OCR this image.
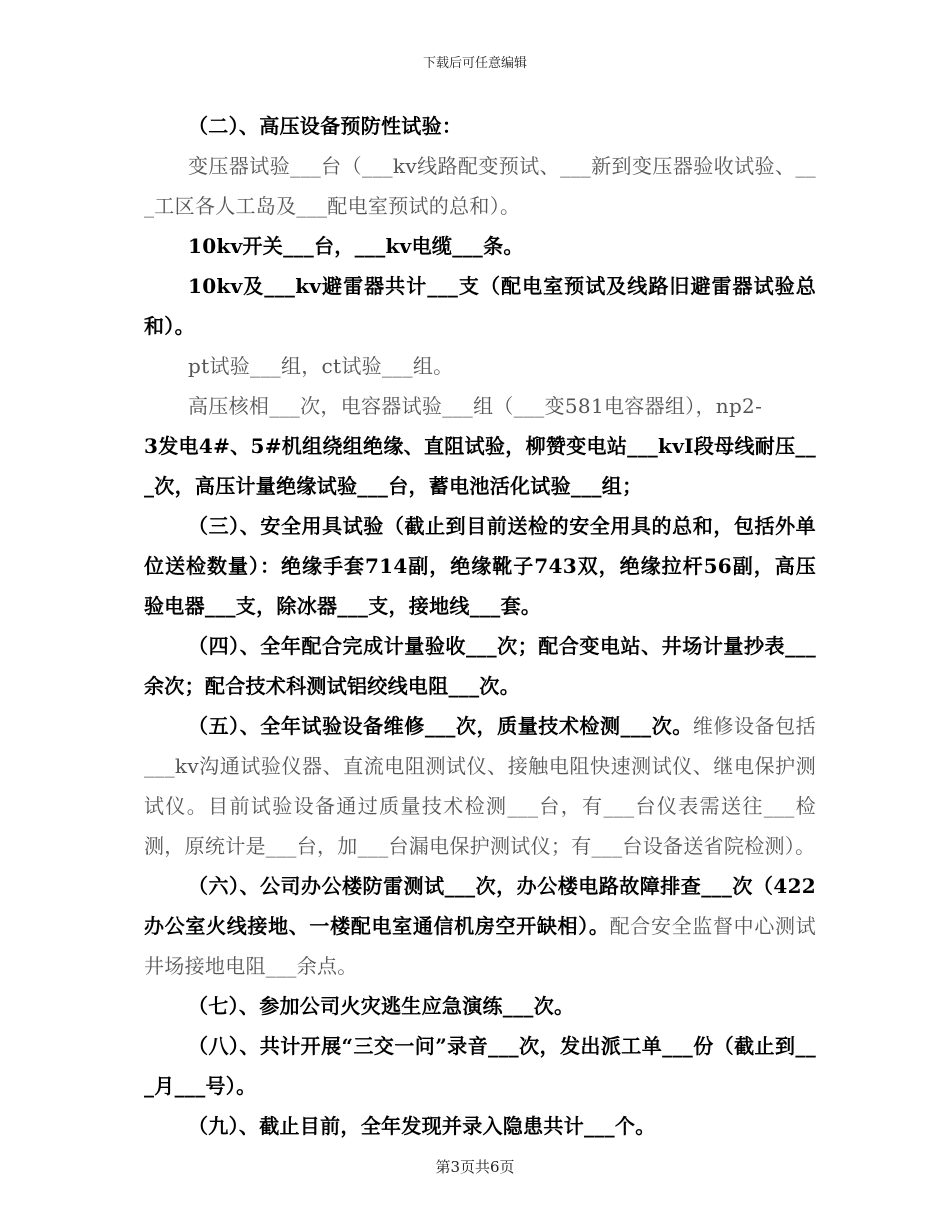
下载后可任意编辑

（二）、高压设备预防性试验：

变压器试验___台（___kv线路配变预试、___新到变压器验收试验、___工区各人工岛及___配电室预试的总和）。

10kv开关___台，___kv电缆___条。

10kv及___kv避雷器共计___支（配电室预试及线路旧避雷器试验总和）。

pt试验___组，ct试验___组。

高压核相___次，电容器试验___组（___变581电容器组），np2-

3发电4#、5#机组绕组绝缘、直阻试验，柳赞变电站___kvⅠ段母线耐压___次，高压计量绝缘试验___台，蓄电池活化试验___组；

（三）、安全用具试验（截止到目前送检的安全用具的总和，包括外单位送检数量）：绝缘手套714副，绝缘靴子743双，绝缘拉杆56副，高压验电器___支，除冰器___支，接地线___套。

（四）、全年配合完成计量验收___次；配合变电站、井场计量抄表___余次；配合技术科测试铝绞线电阻___次。

（五）、全年试验设备维修___次，质量技术检测___次。维修设备包括___kv沟通试验仪器、直流电阻测试仪、接触电阻快速测试仪、继电保护测试仪。目前试验设备通过质量技术检测___台，有___台仪表需送往___检测，原统计是___台，加___台漏电保护测试仪；有___台设备送省院检测）。

（六）、公司办公楼防雷测试___次，办公楼电路故障排查___次（422办公室火线接地、一楼配电室通信机房空开缺相）。配合安全监督中心测试井场接地电阻___余点。

（七）、参加公司火灾逃生应急演练___次。

（八）、共计开展“三交一问”录音___次，发出派工单___份（截止到___月___号）。

（九）、截止目前，全年发现并录入隐患共计___个。

第3页共6页
